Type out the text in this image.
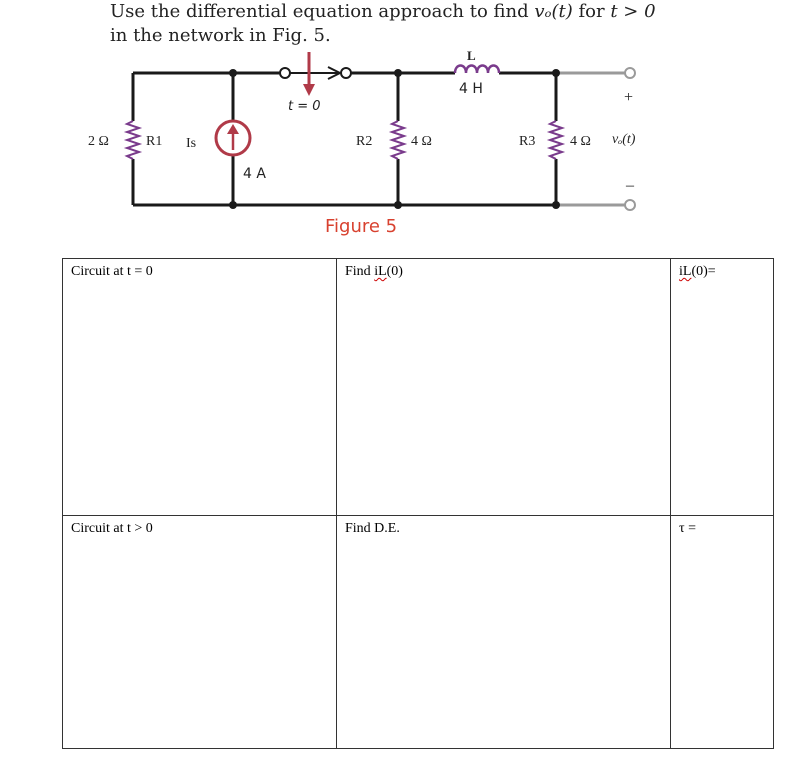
Use the differential equation approach to find vₒ(t) for t > 0
in the network in Fig. 5.
t = 0
L
4 H
2 Ω	R1 Is
4 A
R2	4 Ω	R3 4 Ω
+
vₒ(t)
–
Figure 5
Circuit at t = 0	Find iL(0)	iL(0)=
Circuit at t > 0	Find D.E.	τ =
